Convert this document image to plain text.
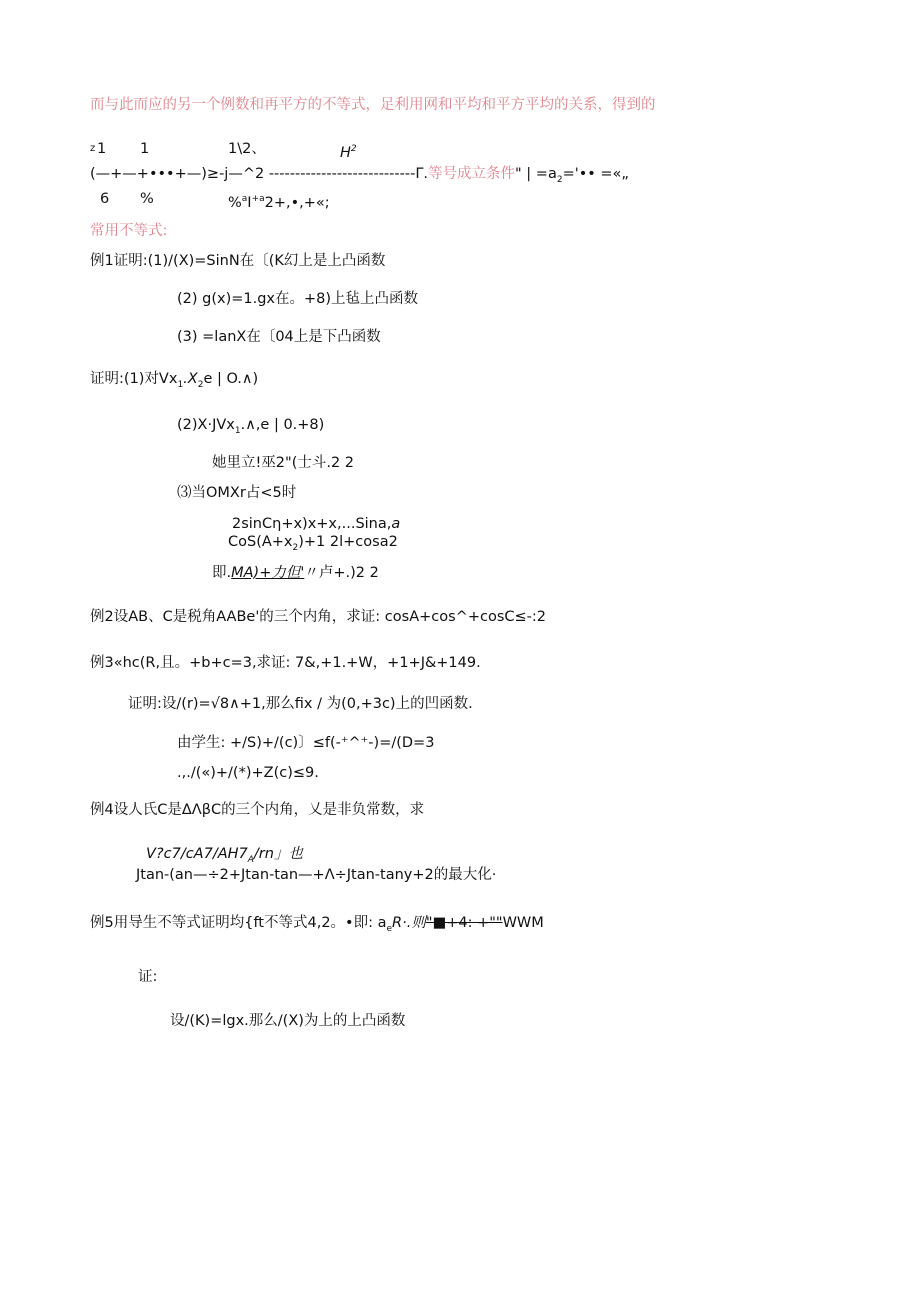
而与此而应的另一个例数和再平方的不等式，足利用网和平均和平方平均的关系，得到的
z 1 1	1\2、	$H^2$
(—+—+•••+—)≥-j—^2 ----------------------------Γ.等号成立条件" | $=a_2='••$ =«„
6 %	$\%^aI^{+a}2+,•,+«$;
常用不等式:
例1证明:(1)/(X)=SinN在〔(K幻上是上凸函数
(2) g(x)=1.gx在。+8)上毡上凸函数
(3) =lanX在〔04上是下凸函数
证明:(1)对$Vx_1.X_2e$ | O.∧)
(2)X·JVx$_1$.∧,e | 0.+8)
她里立!巫2"(士斗.2 2
⑶当OMXr占<5时
2sinCη+x)x+x,...Sina,a
$CoS(A+x_2)+1$ 2l+cosa2
即.MA)+力但'〃卢+.)2 2
例2设AB、C是税角AABe'的三个内角，求证: cosA+cos^+cosC≤-:2
例3«hc(R,且。+b+c=3,求证: 7&,+1.+W，+1+J&+149.
证明:设/(r)=√8∧+1,那么fix / 为(0,+3c)上的凹函数.
由学生: +/S)+/(c)〕≤f(-⁺^⁺-)=/(D=3
.,./(«)+/(*)+Z(c)≤9.
例4设人氏C是ΔΛβC的三个内角，乂是非负常数，求
$V?c7/cA7/AH7_A/rn$」也
Jtan-(an—÷2+Jtan-tan—+Λ÷Jtan-tany+2的最大化·
例5用导生不等式证明均{ft不等式4,2。•即: $a_eR\cdot$.则"■+4: +""WWM
证:
设/(K)=lgx.那么/(X)为上的上凸函数
